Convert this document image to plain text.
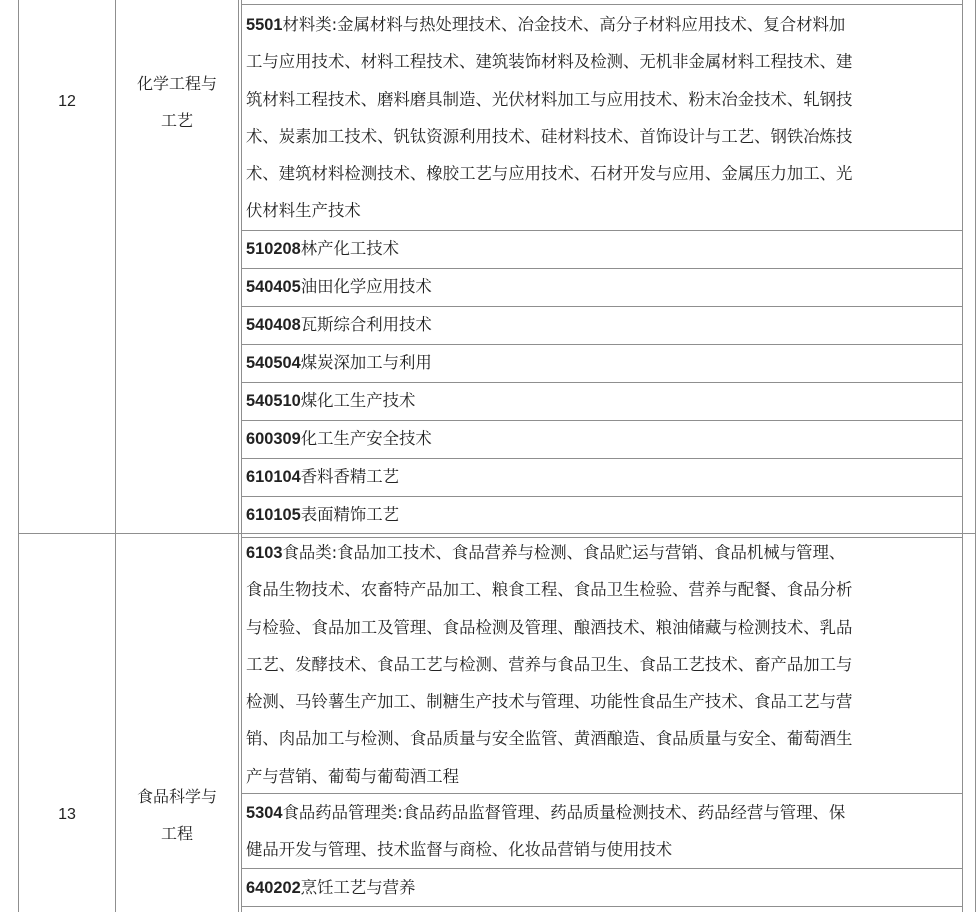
12
化学工程与
工艺
5501材料类:金属材料与热处理技术、冶金技术、高分子材料应用技术、复合材料加
工与应用技术、材料工程技术、建筑装饰材料及检测、无机非金属材料工程技术、建
筑材料工程技术、磨料磨具制造、光伏材料加工与应用技术、粉末冶金技术、轧钢技
术、炭素加工技术、钒钛资源利用技术、硅材料技术、首饰设计与工艺、钢铁冶炼技
术、建筑材料检测技术、橡胶工艺与应用技术、石材开发与应用、金属压力加工、光
伏材料生产技术
510208林产化工技术
540405油田化学应用技术
540408瓦斯综合利用技术
540504煤炭深加工与利用
540510煤化工生产技术
600309化工生产安全技术
610104香料香精工艺
610105表面精饰工艺
13
食品科学与
工程
6103食品类:食品加工技术、食品营养与检测、食品贮运与营销、食品机械与管理、
食品生物技术、农畜特产品加工、粮食工程、食品卫生检验、营养与配餐、食品分析
与检验、食品加工及管理、食品检测及管理、酿酒技术、粮油储藏与检测技术、乳品
工艺、发酵技术、食品工艺与检测、营养与食品卫生、食品工艺技术、畜产品加工与
检测、马铃薯生产加工、制糖生产技术与管理、功能性食品生产技术、食品工艺与营
销、肉品加工与检测、食品质量与安全监管、黄酒酿造、食品质量与安全、葡萄酒生
产与营销、葡萄与葡萄酒工程
5304食品药品管理类:食品药品监督管理、药品质量检测技术、药品经营与管理、保
健品开发与管理、技术监督与商检、化妆品营销与使用技术
640202烹饪工艺与营养
